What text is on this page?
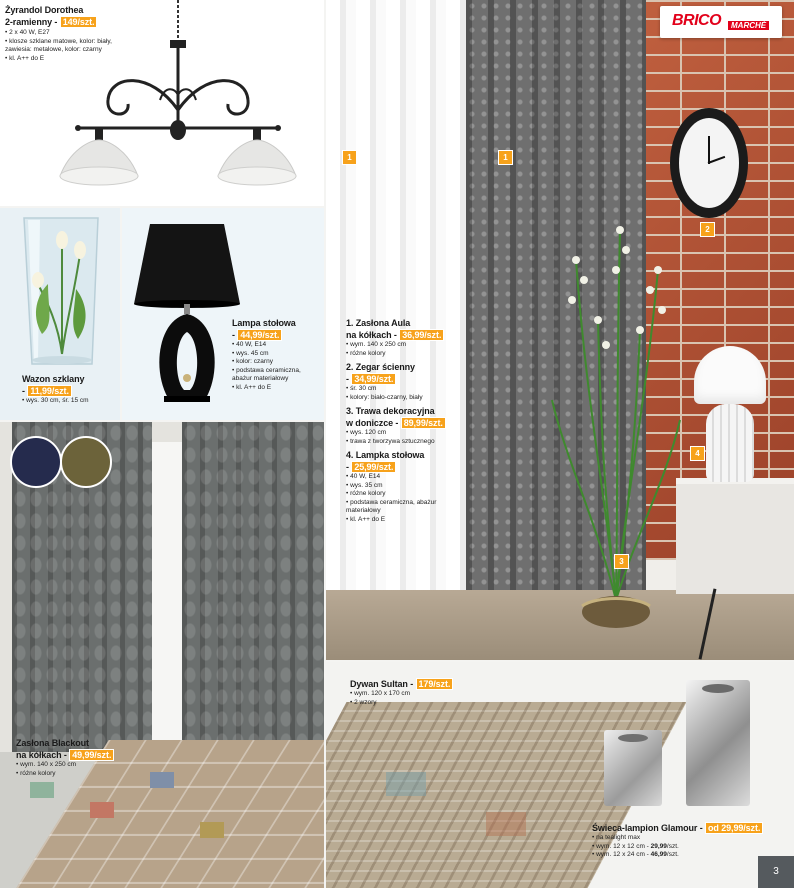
Żyrandol Dorothea
2-ramienny - 149/szt.
• 2 x 40 W, E27
• klosze szklane matowe, kolor: biały, zawiesia: metalowe, kolor: czarny
• kl. A++ do E
Wazon szklany
- 11,99/szt.
• wys. 30 cm, śr. 15 cm
Lampa stołowa
- 44,99/szt.
• 40 W, E14
• wys. 45 cm
• kolor: czarny
• podstawa ceramiczna, abażur materiałowy
• kl. A++ do E
1. Zasłona Aula
na kółkach - 36,99/szt.
• wym. 140 x 250 cm
• różne kolory
2. Zegar ścienny
- 34,99/szt.
• śr. 30 cm
• kolory: biało-czarny, biały
3. Trawa dekoracyjna
w doniczce - 89,99/szt.
• wys. 120 cm
• trawa z tworzywa sztucznego
4. Lampka stołowa
- 25,99/szt.
• 40 W, E14
• wys. 35 cm
• różne kolory
• podstawa ceramiczna, abażur materiałowy
• kl. A++ do E
1	1
2
3
4
BRICO	MARCHÉ
Zasłona Blackout
na kółkach - 49,99/szt.
• wym. 140 x 250 cm
• różne kolory
Dywan Sultan - 179/szt.
• wym. 120 x 170 cm
• 2 wzory
Świeca-lampion Glamour - od 29,99/szt.
• na tealight max
• wym. 12 x 12 cm - 29,99/szt.
• wym. 12 x 24 cm - 46,99/szt.
3
